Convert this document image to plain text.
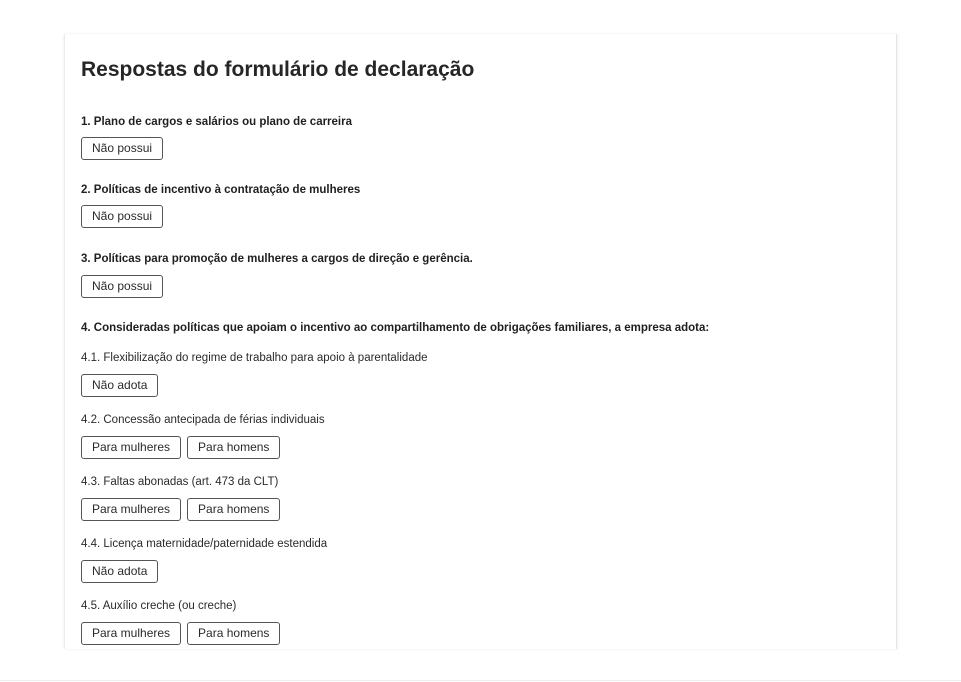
Respostas do formulário de declaração
1. Plano de cargos e salários ou plano de carreira
Não possui
2. Políticas de incentivo à contratação de mulheres
Não possui
3. Políticas para promoção de mulheres a cargos de direção e gerência.
Não possui
4. Consideradas políticas que apoiam o incentivo ao compartilhamento de obrigações familiares, a empresa adota:
4.1. Flexibilização do regime de trabalho para apoio à parentalidade
Não adota
4.2. Concessão antecipada de férias individuais
Para mulheres	Para homens
4.3. Faltas abonadas (art. 473 da CLT)
Para mulheres	Para homens
4.4. Licença maternidade/paternidade estendida
Não adota
4.5. Auxílio creche (ou creche)
Para mulheres	Para homens
